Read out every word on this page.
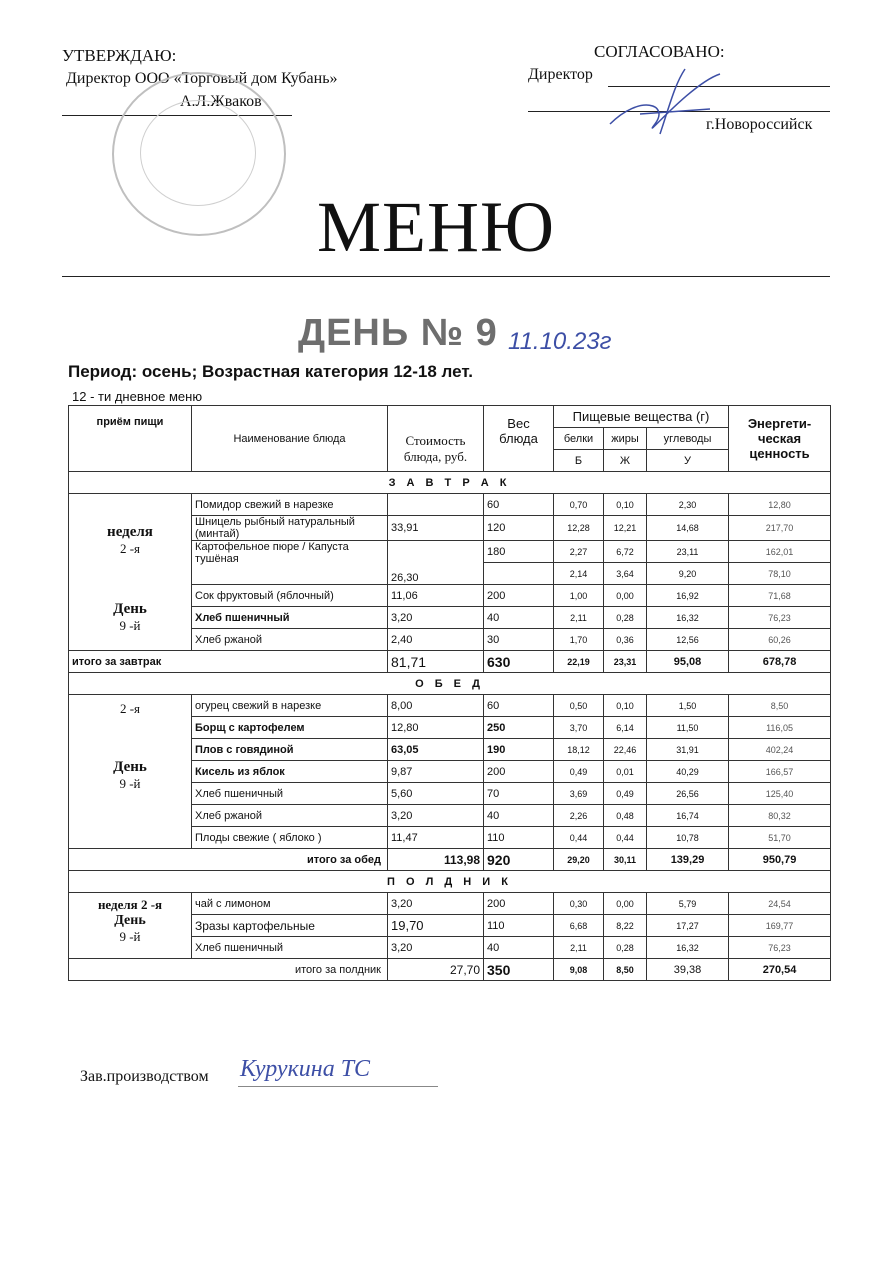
УТВЕРЖДАЮ:
Директор ООО «Торговый дом Кубань»
А.Л.Жваков
СОГЛАСОВАНО:
Директор
г.Новороссийск
МЕНЮ
ДЕНЬ № 9 11.10.23г
Период: осень; Возрастная категория 12-18 лет.
12 - ти дневное меню
приём пищи	Наименование блюда	Стоимость блюда, руб.	Вес блюда	Пищевые вещества (г)			Энергети-ческая ценность
				белки	жиры	углеводы	
				Б	Ж	У	
З А В Т Р А К							

неделя
2 -я
День
9 -й	Помидор свежий в нарезке		60	0,70	0,10	2,30	12,80
	Шницель рыбный натуральный (минтай)	33,91	120	12,28	12,21	14,68	217,70
	Картофельное пюре / Капуста тушёная	26,30	180	2,27	6,72	23,11	162,01
				2,14	3,64	9,20	78,10
	Сок фруктовый (яблочный)	11,06	200	1,00	0,00	16,92	71,68
	Хлеб пшеничный	3,20	40	2,11	0,28	16,32	76,23
	Хлеб ржаной	2,40	30	1,70	0,36	12,56	60,26
итого за завтрак		81,71	630	22,19	23,31	95,08	678,78
О Б Е Д							

2 -я
День
9 -й	огурец свежий в нарезке	8,00	60	0,50	0,10	1,50	8,50
	Борщ с картофелем	12,80	250	3,70	6,14	11,50	116,05
	Плов с говядиной	63,05	190	18,12	22,46	31,91	402,24
	Кисель из яблок	9,87	200	0,49	0,01	40,29	166,57
	Хлеб пшеничный	5,60	70	3,69	0,49	26,56	125,40
	Хлеб ржаной	3,20	40	2,26	0,48	16,74	80,32
	Плоды свежие ( яблоко )	11,47	110	0,44	0,44	10,78	51,70
итого за обед		113,98	920	29,20	30,11	139,29	950,79
П О Л Д Н И К							

неделя 2 -я
День
9 -й	чай с лимоном	3,20	200	0,30	0,00	5,79	24,54
	Зразы картофельные	19,70	110	6,68	8,22	17,27	169,77
	Хлеб пшеничный	3,20	40	2,11	0,28	16,32	76,23
итого за полдник		27,70	350	9,08	8,50	39,38	270,54
Зав.производством Курукина ТС
